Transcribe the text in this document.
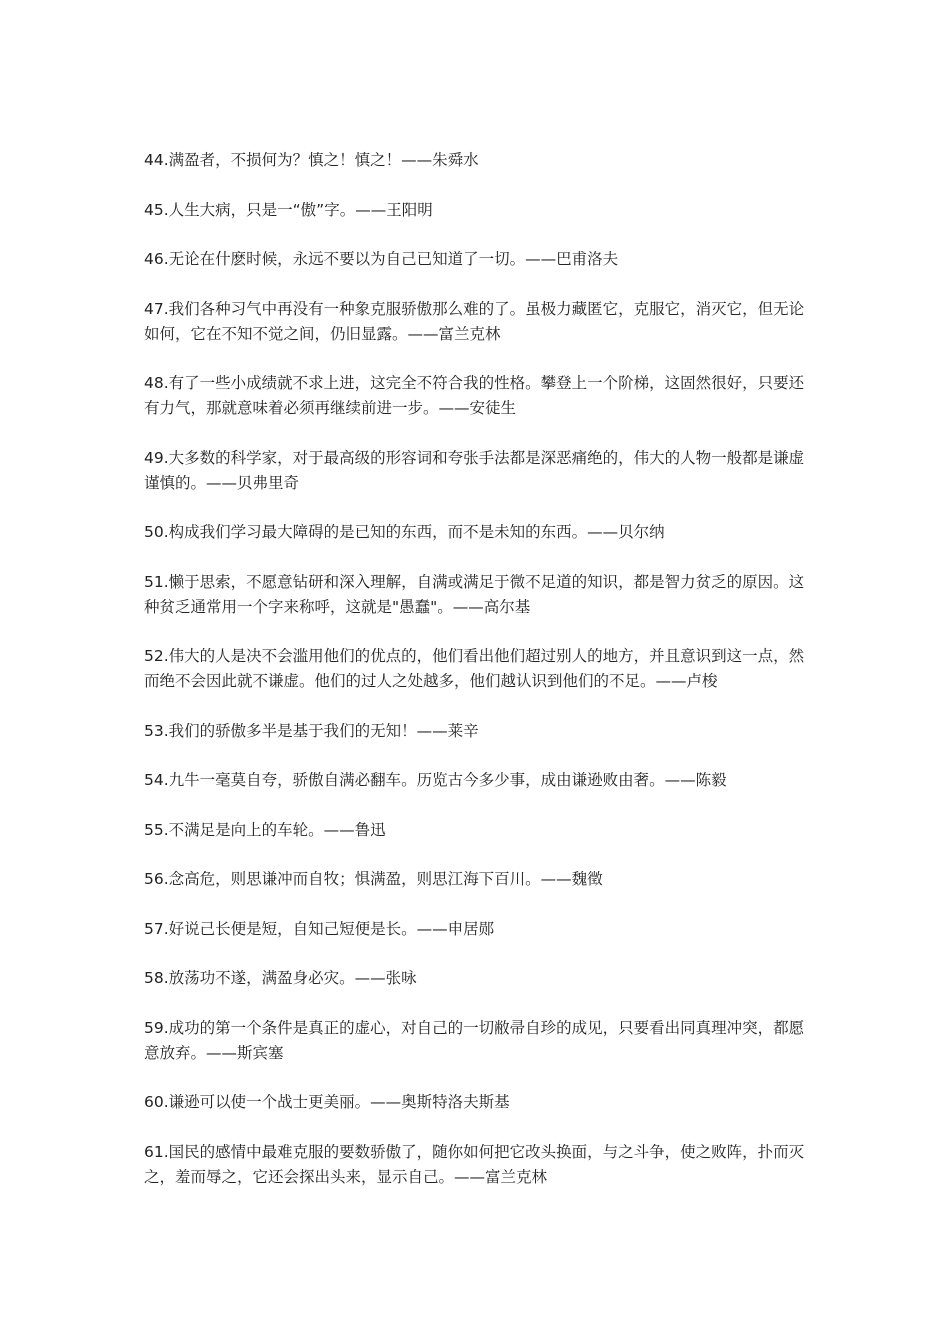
44.满盈者，不损何为？慎之！慎之！——朱舜水

45.人生大病，只是一“傲”字。——王阳明

46.无论在什麽时候，永远不要以为自己已知道了一切。——巴甫洛夫

47.我们各种习气中再没有一种象克服骄傲那么难的了。虽极力藏匿它，克服它，消灭它，但无论如何，它在不知不觉之间，仍旧显露。——富兰克林

48.有了一些小成绩就不求上进，这完全不符合我的性格。攀登上一个阶梯，这固然很好，只要还有力气，那就意味着必须再继续前进一步。——安徒生

49.大多数的科学家，对于最高级的形容词和夸张手法都是深恶痛绝的，伟大的人物一般都是谦虚谨慎的。——贝弗里奇

50.构成我们学习最大障碍的是已知的东西，而不是未知的东西。——贝尔纳

51.懒于思索，不愿意钻研和深入理解，自满或满足于微不足道的知识，都是智力贫乏的原因。这种贫乏通常用一个字来称呼，这就是"愚蠢"。——高尔基

52.伟大的人是决不会滥用他们的优点的，他们看出他们超过别人的地方，并且意识到这一点，然而绝不会因此就不谦虚。他们的过人之处越多，他们越认识到他们的不足。——卢梭

53.我们的骄傲多半是基于我们的无知！——莱辛

54.九牛一毫莫自夸，骄傲自满必翻车。历览古今多少事，成由谦逊败由奢。——陈毅

55.不满足是向上的车轮。——鲁迅

56.念高危，则思谦冲而自牧；惧满盈，则思江海下百川。——魏徵

57.好说己长便是短，自知己短便是长。——申居郧

58.放荡功不遂，满盈身必灾。——张咏

59.成功的第一个条件是真正的虚心，对自己的一切敝帚自珍的成见，只要看出同真理冲突，都愿意放弃。——斯宾塞

60.谦逊可以使一个战士更美丽。——奥斯特洛夫斯基

61.国民的感情中最难克服的要数骄傲了，随你如何把它改头换面，与之斗争，使之败阵，扑而灭之，羞而辱之，它还会探出头来，显示自己。——富兰克林
